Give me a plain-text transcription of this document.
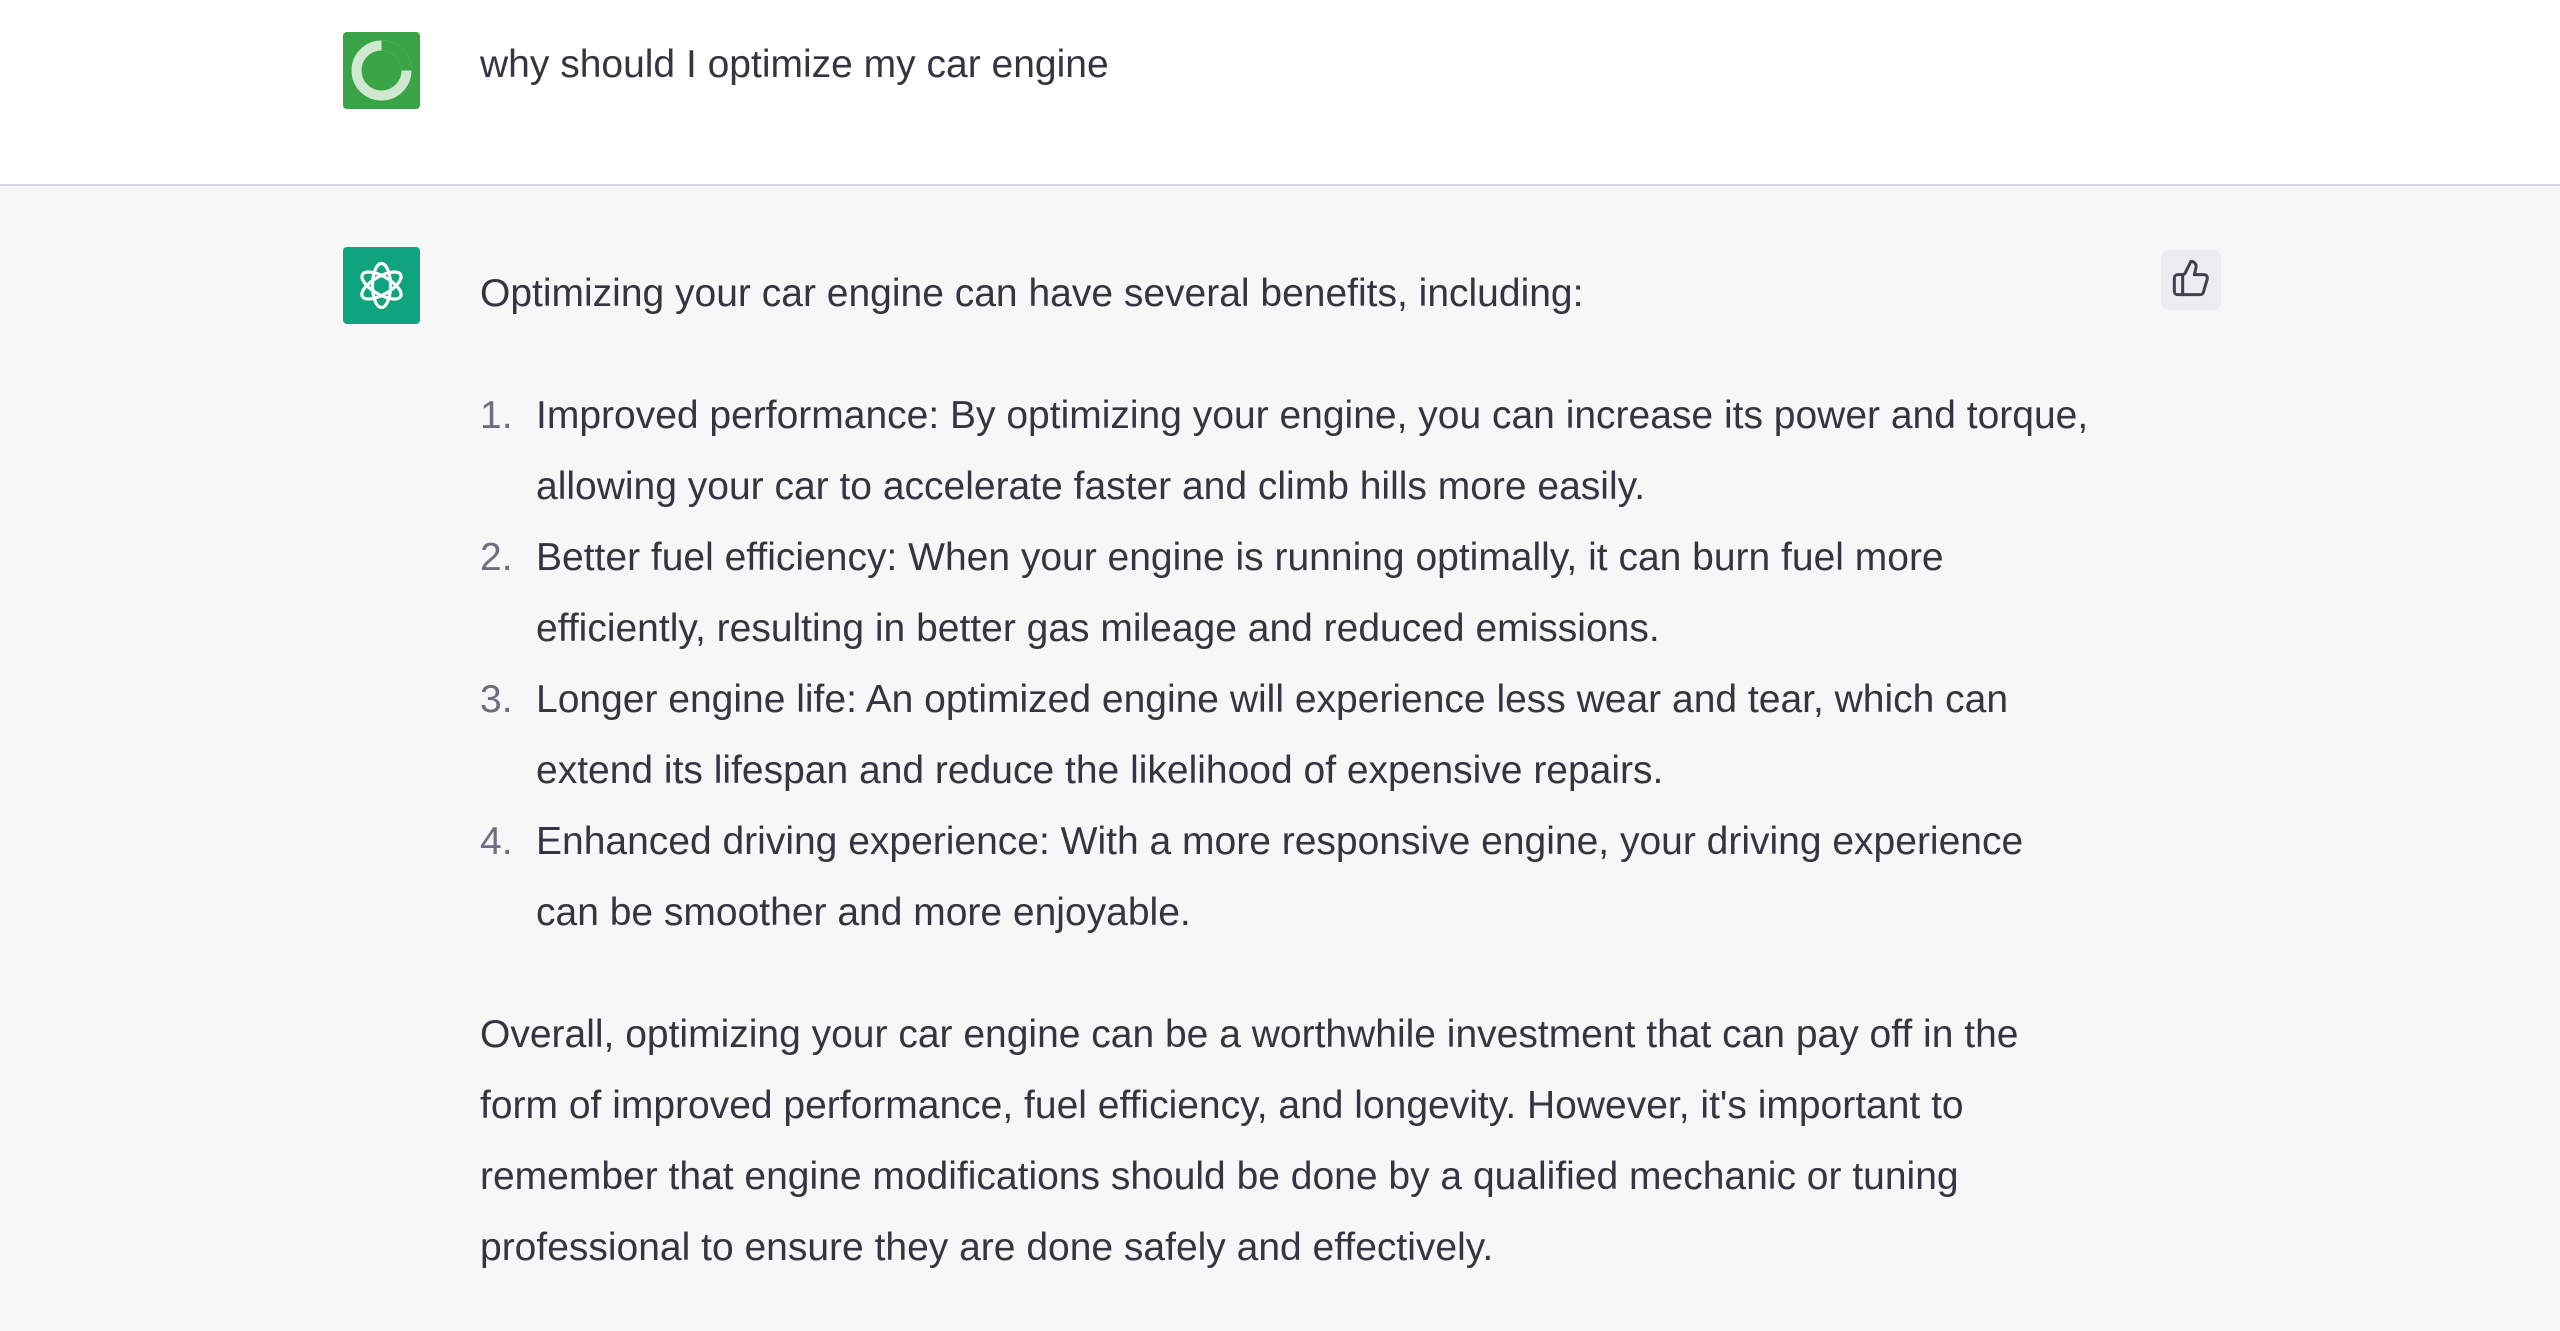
why should I optimize my car engine

Optimizing your car engine can have several benefits, including:

1. Improved performance: By optimizing your engine, you can increase its power and torque, allowing your car to accelerate faster and climb hills more easily.
2. Better fuel efficiency: When your engine is running optimally, it can burn fuel more efficiently, resulting in better gas mileage and reduced emissions.
3. Longer engine life: An optimized engine will experience less wear and tear, which can extend its lifespan and reduce the likelihood of expensive repairs.
4. Enhanced driving experience: With a more responsive engine, your driving experience can be smoother and more enjoyable.

Overall, optimizing your car engine can be a worthwhile investment that can pay off in the form of improved performance, fuel efficiency, and longevity. However, it's important to remember that engine modifications should be done by a qualified mechanic or tuning professional to ensure they are done safely and effectively.
